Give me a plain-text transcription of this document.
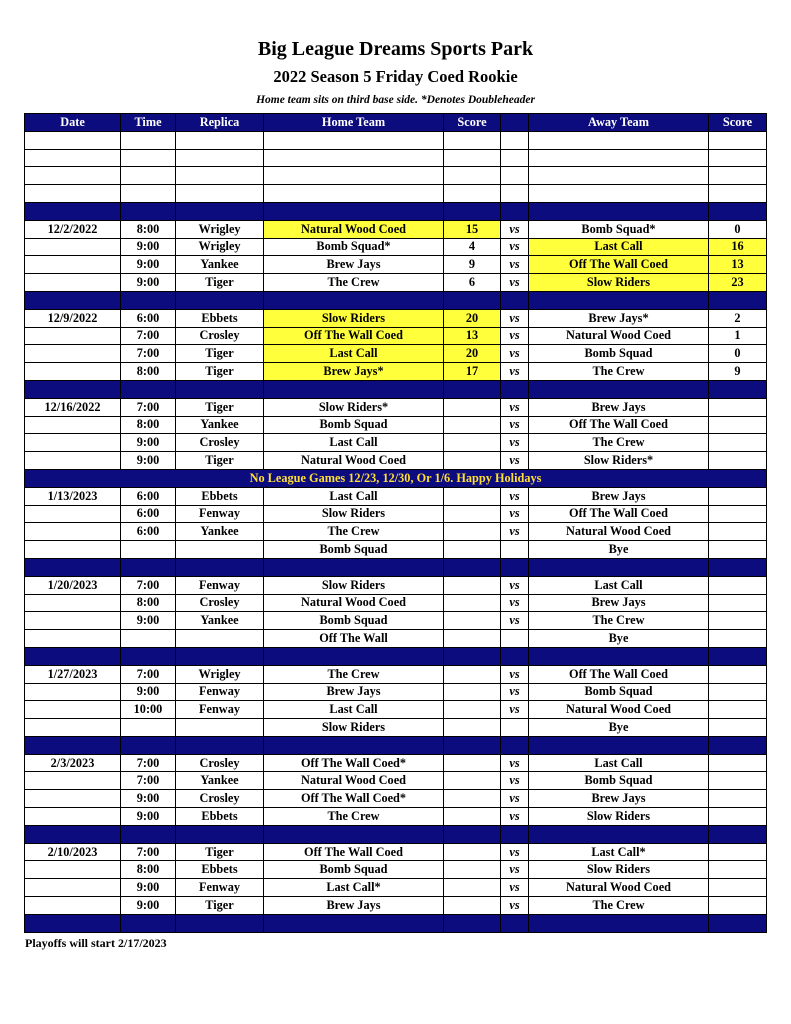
Big League Dreams Sports Park
2022 Season 5 Friday Coed Rookie
Home team sits on third base side. *Denotes Doubleheader
Date	Time	Replica	Home Team	Score		Away Team	Score

12/2/2022	8:00	Wrigley	Natural Wood Coed	15	vs	Bomb Squad*	0
	9:00	Wrigley	Bomb Squad*	4	vs	Last Call	16
	9:00	Yankee	Brew Jays	9	vs	Off The Wall Coed	13
	9:00	Tiger	The Crew	6	vs	Slow Riders	23

12/9/2022	6:00	Ebbets	Slow Riders	20	vs	Brew Jays*	2
	7:00	Crosley	Off The Wall Coed	13	vs	Natural Wood Coed	1
	7:00	Tiger	Last Call	20	vs	Bomb Squad	0
	8:00	Tiger	Brew Jays*	17	vs	The Crew	9

12/16/2022	7:00	Tiger	Slow Riders*		vs	Brew Jays	
	8:00	Yankee	Bomb Squad		vs	Off The Wall Coed	
	9:00	Crosley	Last Call		vs	The Crew	
	9:00	Tiger	Natural Wood Coed		vs	Slow Riders*	
No League Games 12/23, 12/30, Or 1/6. Happy Holidays							
1/13/2023	6:00	Ebbets	Last Call		vs	Brew Jays	
	6:00	Fenway	Slow Riders		vs	Off The Wall Coed	
	6:00	Yankee	The Crew		vs	Natural Wood Coed	
			Bomb Squad			Bye	

1/20/2023	7:00	Fenway	Slow Riders		vs	Last Call	
	8:00	Crosley	Natural Wood Coed		vs	Brew Jays	
	9:00	Yankee	Bomb Squad		vs	The Crew	
			Off The Wall			Bye	

1/27/2023	7:00	Wrigley	The Crew		vs	Off The Wall Coed	
	9:00	Fenway	Brew Jays		vs	Bomb Squad	
	10:00	Fenway	Last Call		vs	Natural Wood Coed	
			Slow Riders			Bye	

2/3/2023	7:00	Crosley	Off The Wall Coed*		vs	Last Call	
	7:00	Yankee	Natural Wood Coed		vs	Bomb Squad	
	9:00	Crosley	Off The Wall Coed*		vs	Brew Jays	
	9:00	Ebbets	The Crew		vs	Slow Riders	

2/10/2023	7:00	Tiger	Off The Wall Coed		vs	Last Call*	
	8:00	Ebbets	Bomb Squad		vs	Slow Riders	
	9:00	Fenway	Last Call*		vs	Natural Wood Coed	
	9:00	Tiger	Brew Jays		vs	The Crew	

Playoffs will start 2/17/2023
